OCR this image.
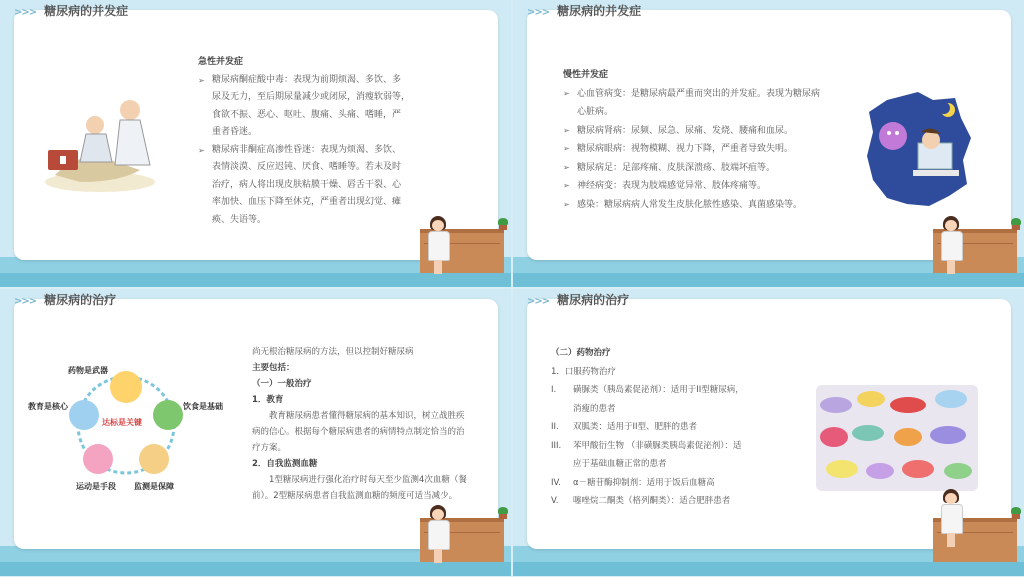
>>> 糖尿病的并发症
急性并发症
➢ 糖尿病酮症酸中毒：表现为前期烦渴、多饮、多
尿及无力，至后期尿量减少或闭尿，消瘦软弱等，
食欲不振、恶心、呕吐、腹痛、头痛、嗜睡，严
重者昏迷。
➢ 糖尿病非酮症高渗性昏迷：表现为烦渴、多饮、
表情淡漠、反应迟钝、厌食、嗜睡等。若未及时
治疗，病人将出现皮肤粘膜干燥、唇舌干裂、心
率加快、血压下降至休克，严重者出现幻觉、瘫
痪、失语等。
>>> 糖尿病的并发症
慢性并发症
➢ 心血管病变：是糖尿病最严重而突出的并发症。表现为糖尿病
心脏病。
➢ 糖尿病肾病：尿频、尿急、尿痛、发烧、腰痛和血尿。
➢ 糖尿病眼病：视物模糊、视力下降，严重者导致失明。
➢ 糖尿病足：足部疼痛、皮肤深溃疡、肢端坏疽等。
➢ 神经病变：表现为肢端感觉异常、肢体疼痛等。
➢ 感染：糖尿病病人常发生皮肤化脓性感染、真菌感染等。
>>> 糖尿病的治疗
达标是关键
药物是武器
教育是核心	饮食是基础
运动是手段 监测是保障
尚无根治糖尿病的方法，但以控制好糖尿病
主要包括：
（一）一般治疗
1．教育
教育糖尿病患者懂得糖尿病的基本知识，树立战胜疾
病的信心。根据每个糖尿病患者的病情特点制定恰当的治
疗方案。
2．自我监测血糖
1型糖尿病进行强化治疗时每天至少监测4次血糖（餐
前）。2型糖尿病患者自我监测血糖的频度可适当减少。
>>> 糖尿病的治疗
（二）药物治疗
1．口服药物治疗
I. 磺脲类（胰岛素促泌剂）：适用于II型糖尿病，
消瘦的患者
II. 双胍类：适用于II型、肥胖的患者
III. 苯甲酸衍生物 （非磺脲类胰岛素促泌剂）：适
应于基础血糖正常的患者
IV. α－糖苷酶抑制剂：适用于饭后血糖高
V. 噻唑烷二酮类（格列酮类）：适合肥胖患者
